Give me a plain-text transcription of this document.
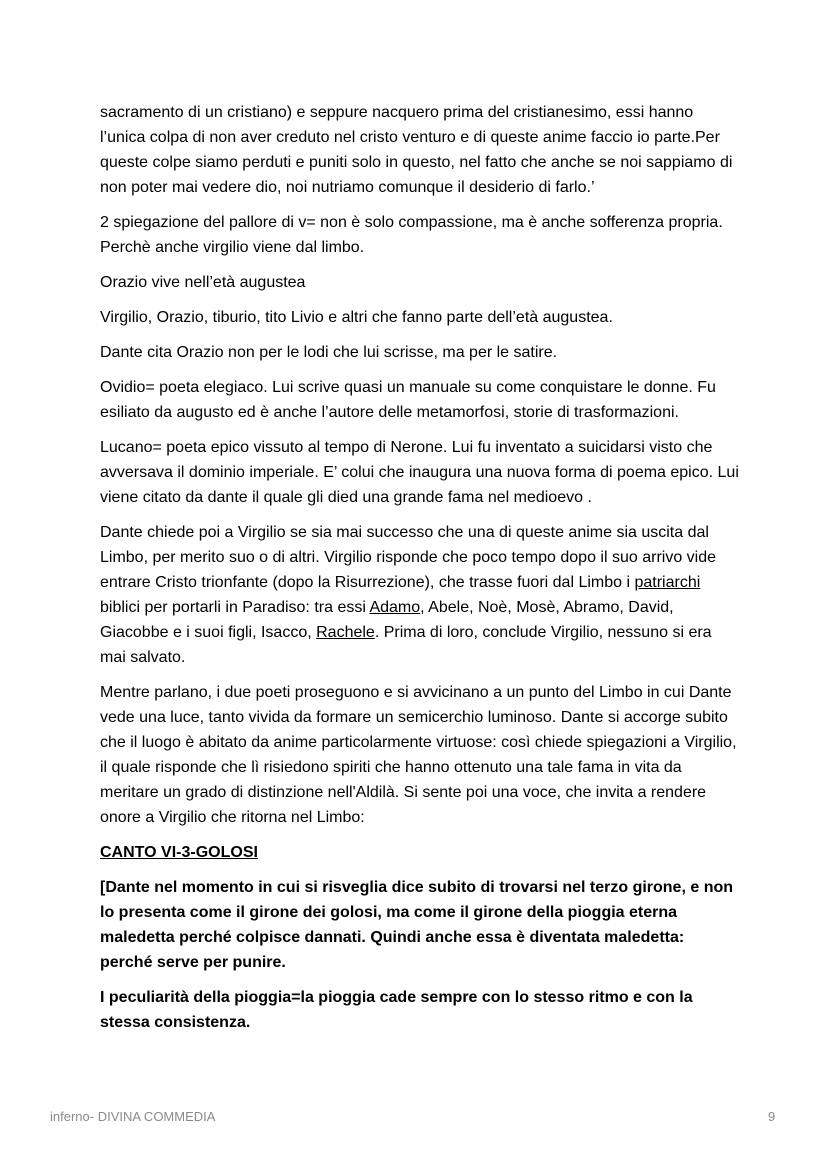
sacramento di un cristiano) e seppure nacquero prima del cristianesimo, essi hanno l’unica colpa di non aver creduto nel cristo venturo e di queste anime faccio io parte.Per queste colpe siamo perduti e puniti solo in questo, nel fatto che anche se noi sappiamo di non poter mai vedere dio, noi nutriamo comunque il desiderio di farlo.’

2 spiegazione del pallore di v= non è solo compassione, ma è anche sofferenza propria. Perchè anche virgilio viene dal limbo.

Orazio vive nell’età augustea

Virgilio, Orazio, tiburio, tito Livio e altri che fanno parte dell’età augustea.

Dante cita Orazio non per le lodi che lui scrisse, ma per le satire.

Ovidio= poeta elegiaco. Lui scrive quasi un manuale su come conquistare le donne. Fu esiliato da augusto ed è anche l’autore delle metamorfosi, storie di trasformazioni.

Lucano= poeta epico vissuto al tempo di Nerone. Lui fu inventato a suicidarsi visto che avversava il dominio imperiale. E’ colui che inaugura una nuova forma di poema epico. Lui viene citato da dante il quale gli died una grande fama nel medioevo .

Dante chiede poi a Virgilio se sia mai successo che una di queste anime sia uscita dal Limbo, per merito suo o di altri. Virgilio risponde che poco tempo dopo il suo arrivo vide entrare Cristo trionfante (dopo la Risurrezione), che trasse fuori dal Limbo i patriarchi biblici per portarli in Paradiso: tra essi Adamo, Abele, Noè, Mosè, Abramo, David, Giacobbe e i suoi figli, Isacco, Rachele. Prima di loro, conclude Virgilio, nessuno si era mai salvato.

Mentre parlano, i due poeti proseguono e si avvicinano a un punto del Limbo in cui Dante vede una luce, tanto vivida da formare un semicerchio luminoso. Dante si accorge subito che il luogo è abitato da anime particolarmente virtuose: così chiede spiegazioni a Virgilio, il quale risponde che lì risiedono spiriti che hanno ottenuto una tale fama in vita da meritare un grado di distinzione nell'Aldilà. Si sente poi una voce, che invita a rendere onore a Virgilio che ritorna nel Limbo:

CANTO VI-3-GOLOSI

[Dante nel momento in cui si risveglia dice subito di trovarsi nel terzo girone, e non lo presenta come il girone dei golosi, ma come il girone della pioggia eterna maledetta perché colpisce dannati. Quindi anche essa è diventata maledetta: perché serve per punire.

I peculiarità della pioggia=la pioggia cade sempre con lo stesso ritmo e con la stessa consistenza.

inferno- DIVINA COMMEDIA	9
